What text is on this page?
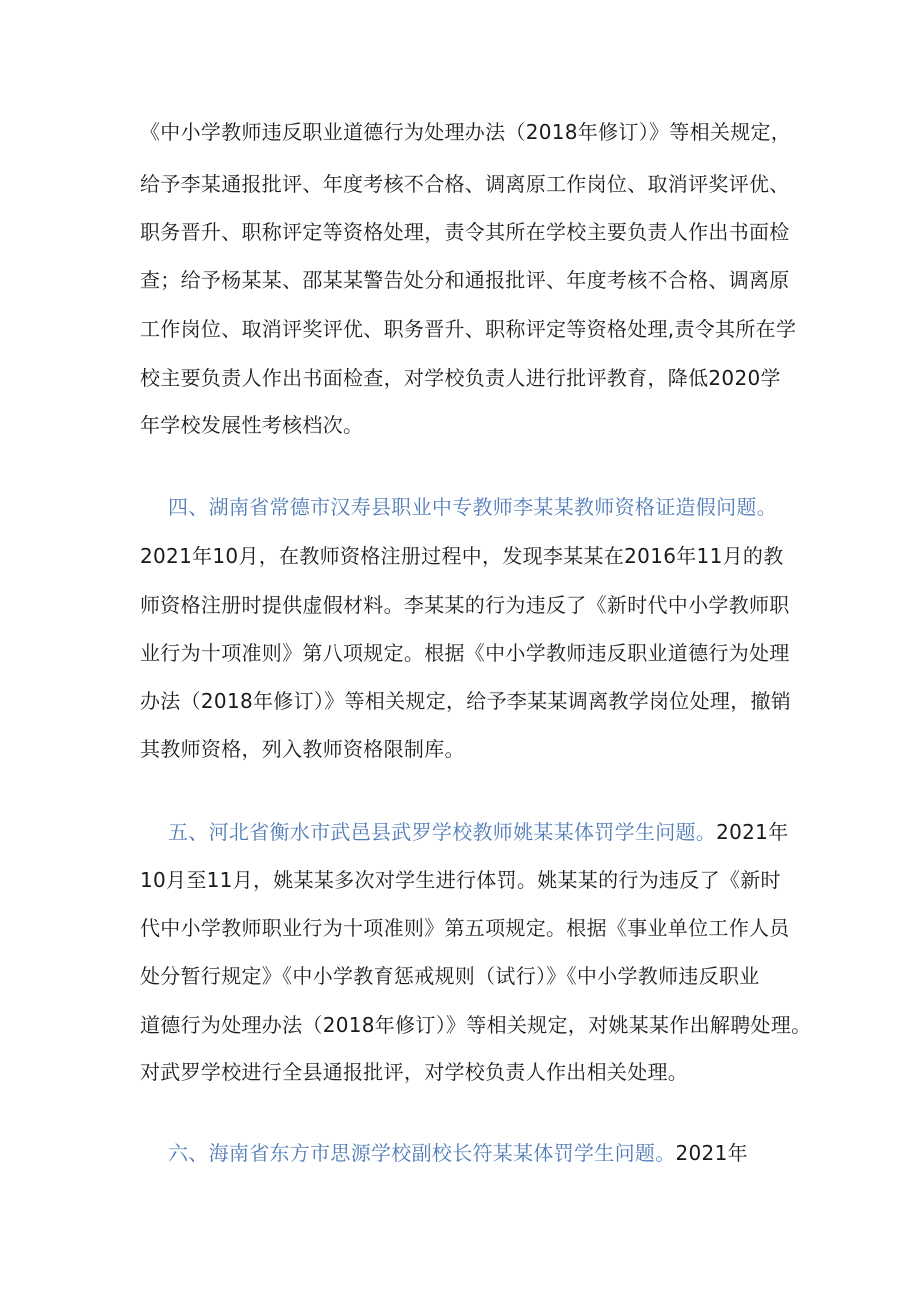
《中小学教师违反职业道德行为处理办法（2018年修订）》等相关规定，
给予李某通报批评、年度考核不合格、调离原工作岗位、取消评奖评优、
职务晋升、职称评定等资格处理，责令其所在学校主要负责人作出书面检
查；给予杨某某、邵某某警告处分和通报批评、年度考核不合格、调离原
工作岗位、取消评奖评优、职务晋升、职称评定等资格处理,责令其所在学
校主要负责人作出书面检查，对学校负责人进行批评教育，降低2020学
年学校发展性考核档次。
四、湖南省常德市汉寿县职业中专教师李某某教师资格证造假问题。
2021年10月，在教师资格注册过程中，发现李某某在2016年11月的教
师资格注册时提供虚假材料。李某某的行为违反了《新时代中小学教师职
业行为十项准则》第八项规定。根据《中小学教师违反职业道德行为处理
办法（2018年修订）》等相关规定，给予李某某调离教学岗位处理，撤销
其教师资格，列入教师资格限制库。
五、河北省衡水市武邑县武罗学校教师姚某某体罚学生问题。2021年
10月至11月，姚某某多次对学生进行体罚。姚某某的行为违反了《新时
代中小学教师职业行为十项准则》第五项规定。根据《事业单位工作人员
处分暂行规定》《中小学教育惩戒规则（试行）》《中小学教师违反职业
道德行为处理办法（2018年修订）》等相关规定，对姚某某作出解聘处理。
对武罗学校进行全县通报批评，对学校负责人作出相关处理。
六、海南省东方市思源学校副校长符某某体罚学生问题。2021年
